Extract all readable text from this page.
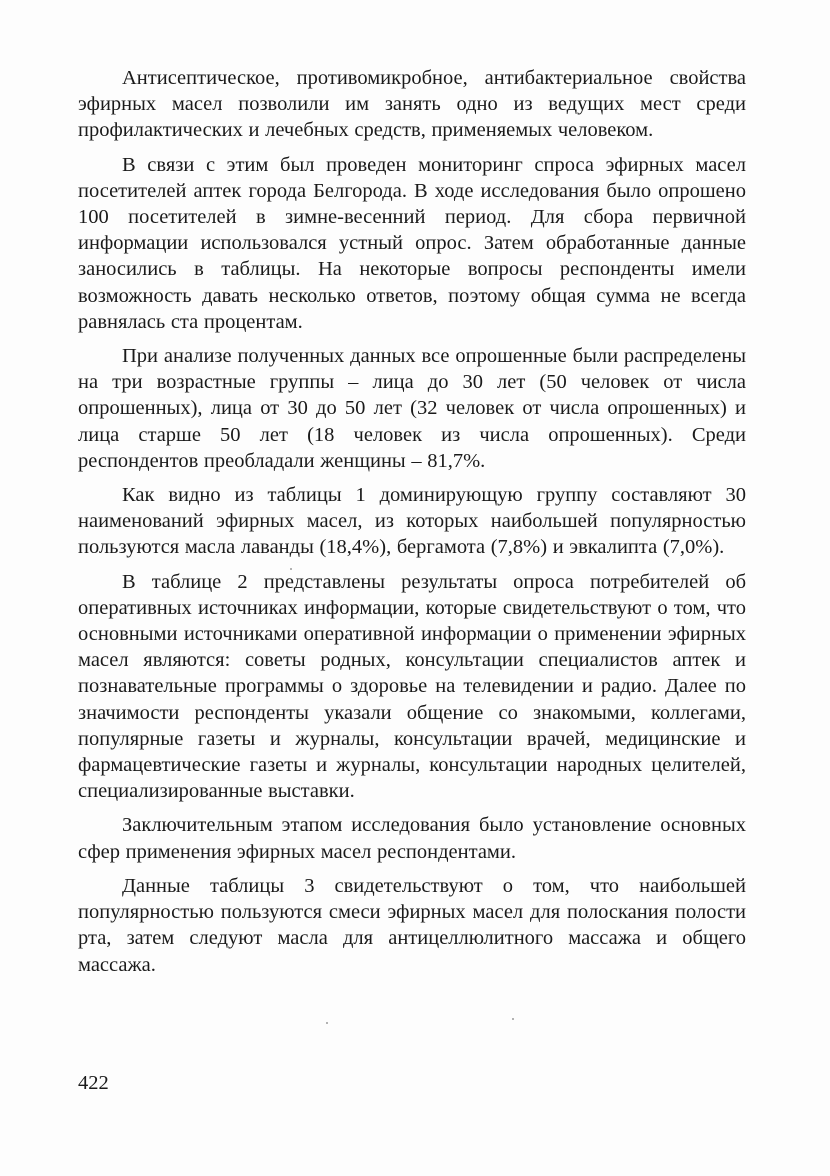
Антисептическое, противомикробное, антибактериальное свойства эфирных масел позволили им занять одно из ведущих мест среди профилактических и лечебных средств, применяемых человеком.

В связи с этим был проведен мониторинг спроса эфирных масел посетителей аптек города Белгорода. В ходе исследования было опрошено 100 посетителей в зимне-весенний период. Для сбора первичной информации использовался устный опрос. Затем обработанные данные заносились в таблицы. На некоторые вопросы респонденты имели возможность давать несколько ответов, поэтому общая сумма не всегда равнялась ста процентам.

При анализе полученных данных все опрошенные были распределены на три возрастные группы – лица до 30 лет (50 человек от числа опрошенных), лица от 30 до 50 лет (32 человек от числа опрошенных) и лица старше 50 лет (18 человек из числа опрошенных). Среди респондентов преобладали женщины – 81,7%.

Как видно из таблицы 1 доминирующую группу составляют 30 наименований эфирных масел, из которых наибольшей популярностью пользуются масла лаванды (18,4%), бергамота (7,8%) и эвкалипта (7,0%).

В таблице 2 представлены результаты опроса потребителей об оперативных источниках информации, которые свидетельствуют о том, что основными источниками оперативной информации о применении эфирных масел являются: советы родных, консультации специалистов аптек и познавательные программы о здоровье на телевидении и радио. Далее по значимости респонденты указали общение со знакомыми, коллегами, популярные газеты и журналы, консультации врачей, медицинские и фармацевтические газеты и журналы, консультации народных целителей, специализированные выставки.

Заключительным этапом исследования было установление основных сфер применения эфирных масел респондентами.

Данные таблицы 3 свидетельствуют о том, что наибольшей популярностью пользуются смеси эфирных масел для полоскания полости рта, затем следуют масла для антицеллюлитного массажа и общего массажа.

422
